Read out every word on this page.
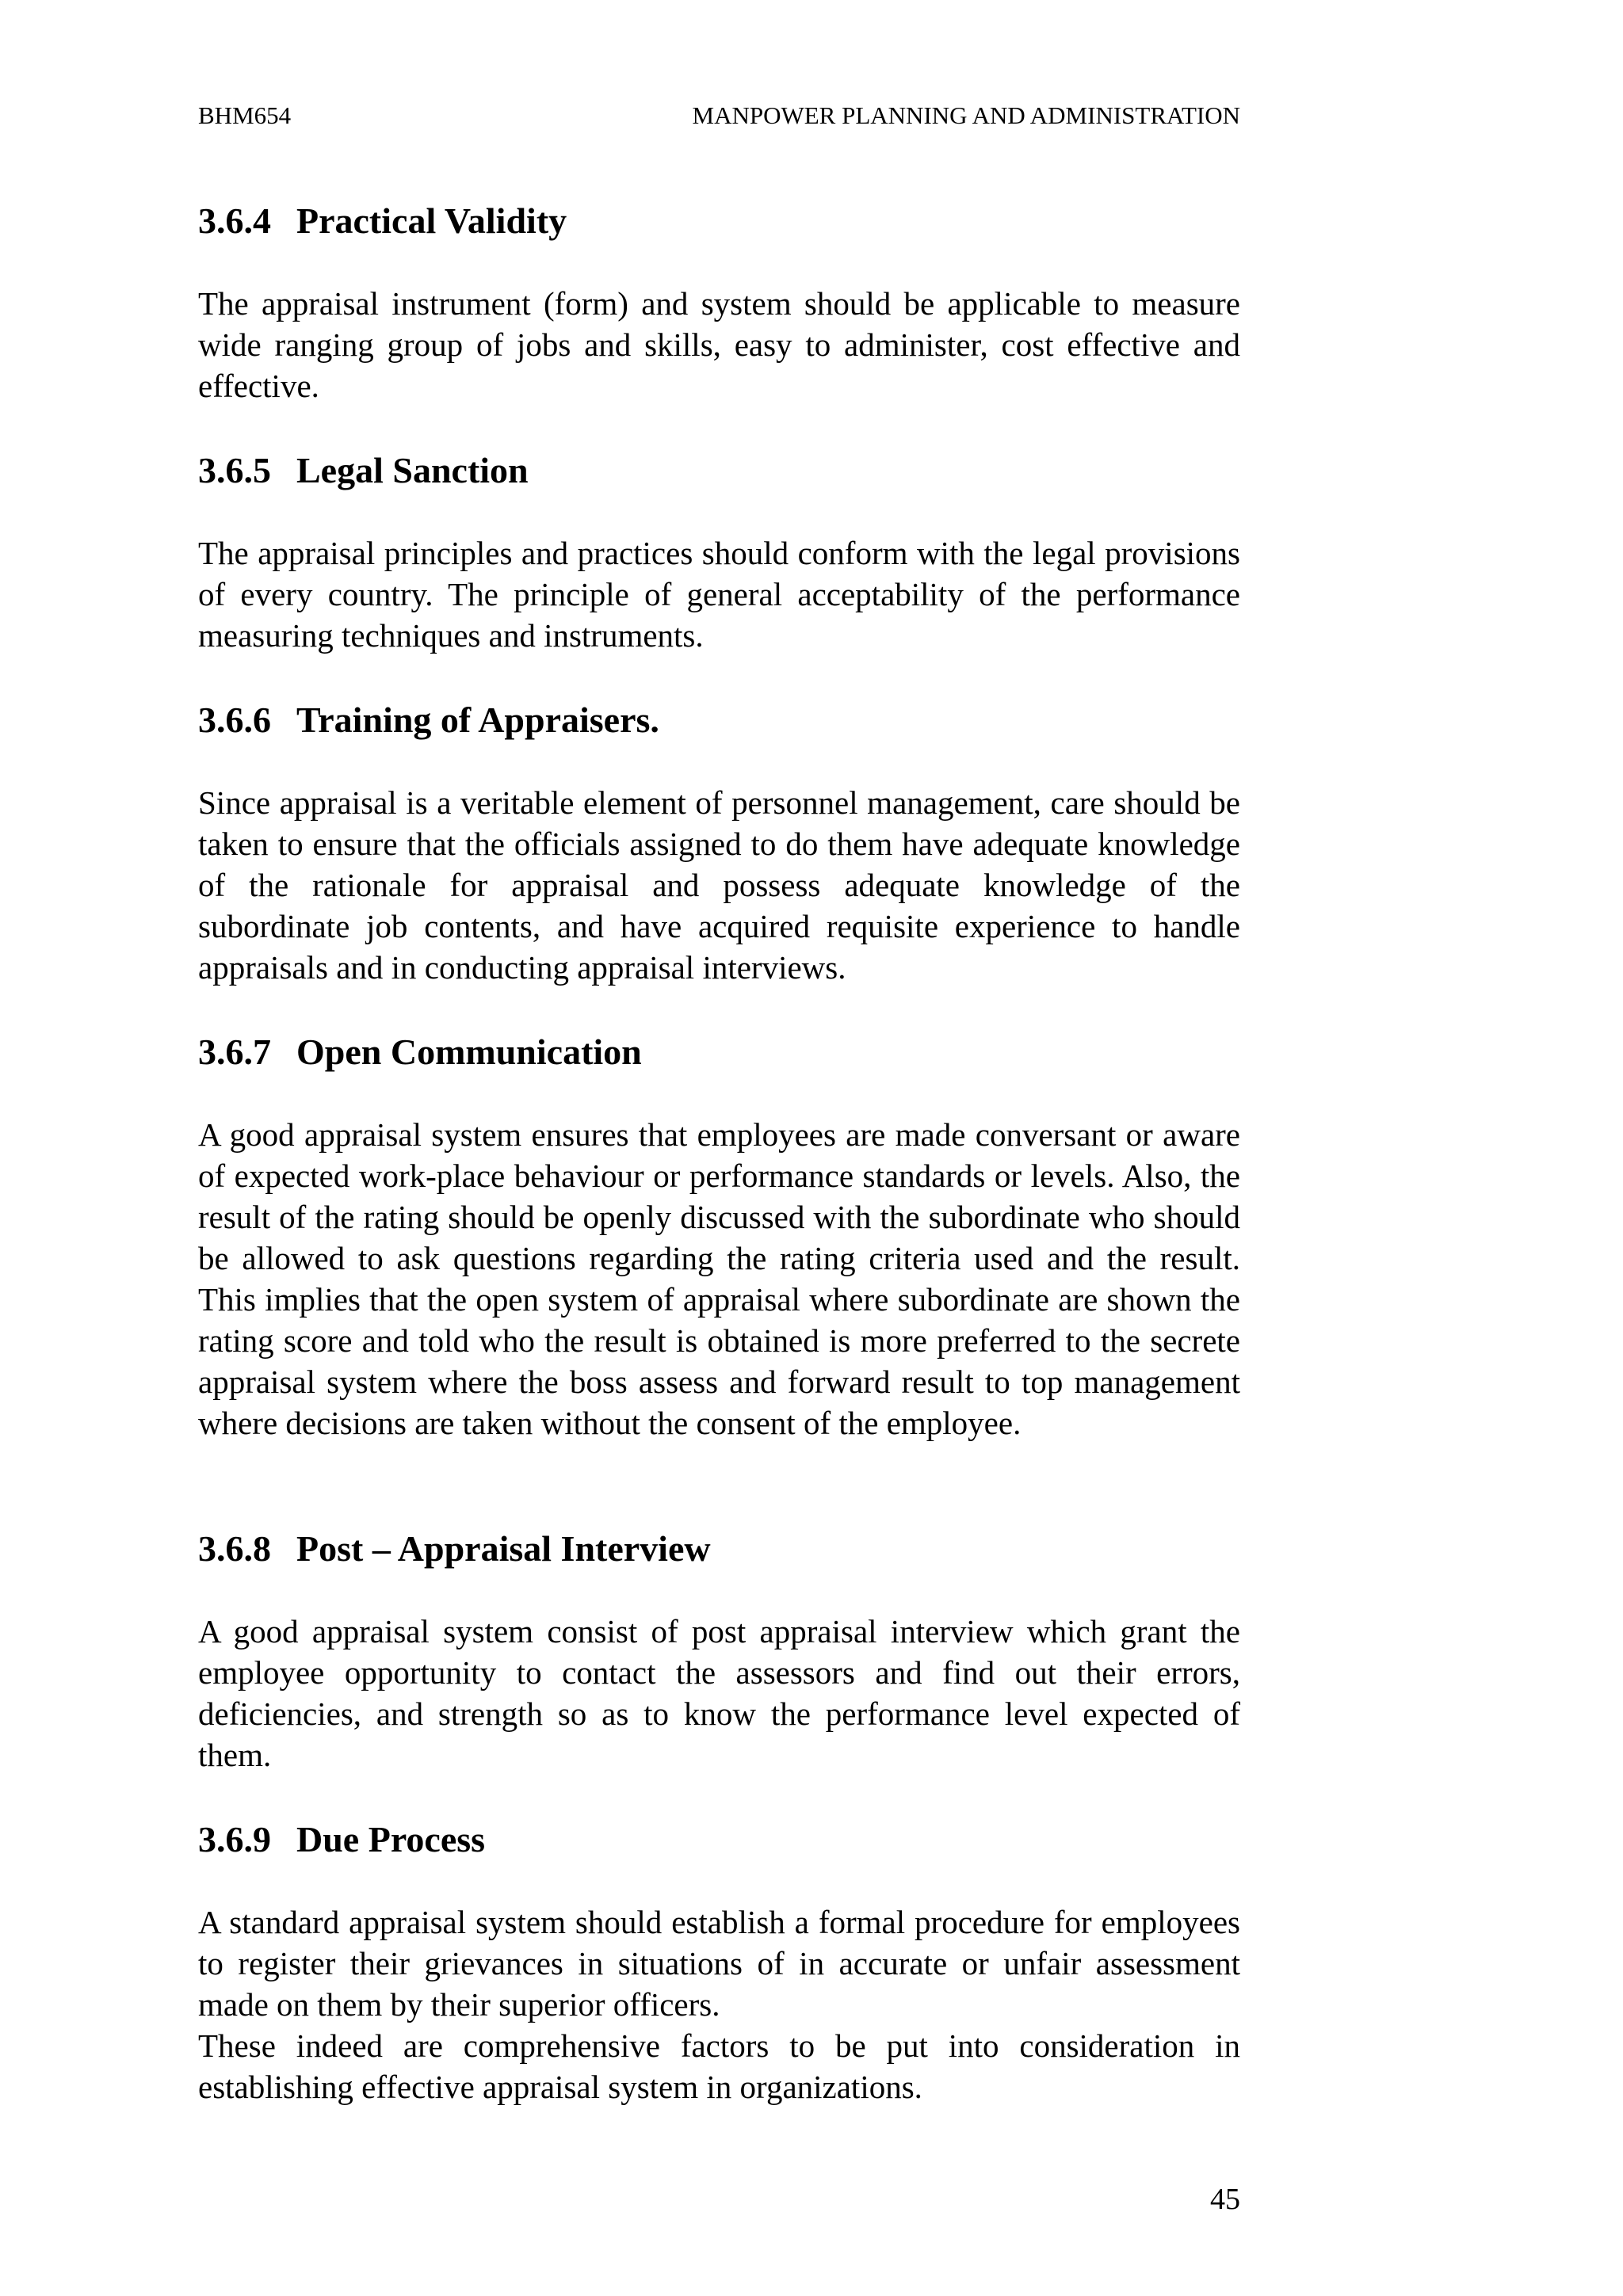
BHM654	MANPOWER PLANNING AND ADMINISTRATION
3.6.4 Practical Validity

The appraisal instrument (form) and system should be applicable to measure wide ranging group of jobs and skills, easy to administer, cost effective and effective.

3.6.5 Legal Sanction

The appraisal principles and practices should conform with the legal provisions of every country. The principle of general acceptability of the performance measuring techniques and instruments.

3.6.6 Training of Appraisers.

Since appraisal is a veritable element of personnel management, care should be taken to ensure that the officials assigned to do them have adequate knowledge of the rationale for appraisal and possess adequate knowledge of the subordinate job contents, and have acquired requisite experience to handle appraisals and in conducting appraisal interviews.

3.6.7 Open Communication

A good appraisal system ensures that employees are made conversant or aware of expected work-place behaviour or performance standards or levels. Also, the result of the rating should be openly discussed with the subordinate who should be allowed to ask questions regarding the rating criteria used and the result. This implies that the open system of appraisal where subordinate are shown the rating score and told who the result is obtained is more preferred to the secrete appraisal system where the boss assess and forward result to top management where decisions are taken without the consent of the employee.

3.6.8 Post – Appraisal Interview

A good appraisal system consist of post appraisal interview which grant the employee opportunity to contact the assessors and find out their errors, deficiencies, and strength so as to know the performance level expected of them.

3.6.9 Due Process

A standard appraisal system should establish a formal procedure for employees to register their grievances in situations of in accurate or unfair assessment made on them by their superior officers.

These indeed are comprehensive factors to be put into consideration in establishing effective appraisal system in organizations.

45
